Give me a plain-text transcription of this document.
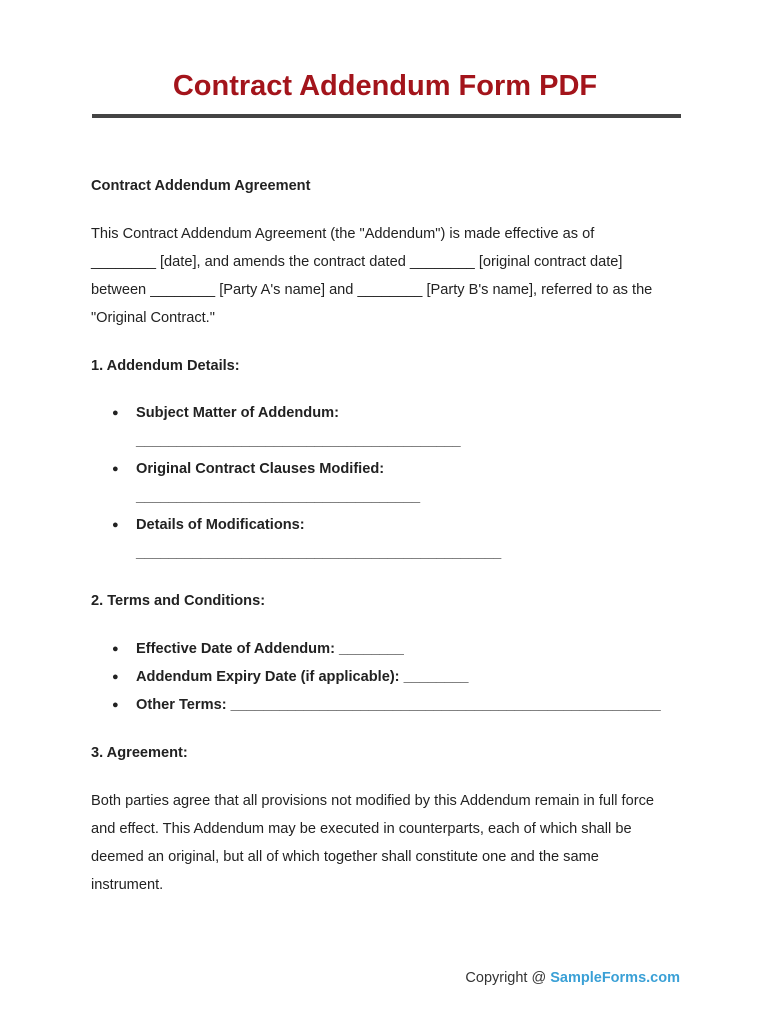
Contract Addendum Form PDF

Contract Addendum Agreement

This Contract Addendum Agreement (the "Addendum") is made effective as of

________ [date], and amends the contract dated ________ [original contract date]

between ________ [Party A's name] and ________ [Party B's name], referred to as the

"Original Contract."

1. Addendum Details:

● Subject Matter of Addendum:
________________________________________
● Original Contract Clauses Modified:
___________________________________
● Details of Modifications:
_____________________________________________

2. Terms and Conditions:

● Effective Date of Addendum: ________
● Addendum Expiry Date (if applicable): ________
● Other Terms: _____________________________________________________

3. Agreement:

Both parties agree that all provisions not modified by this Addendum remain in full force

and effect. This Addendum may be executed in counterparts, each of which shall be

deemed an original, but all of which together shall constitute one and the same

instrument.

Copyright @ SampleForms.com
